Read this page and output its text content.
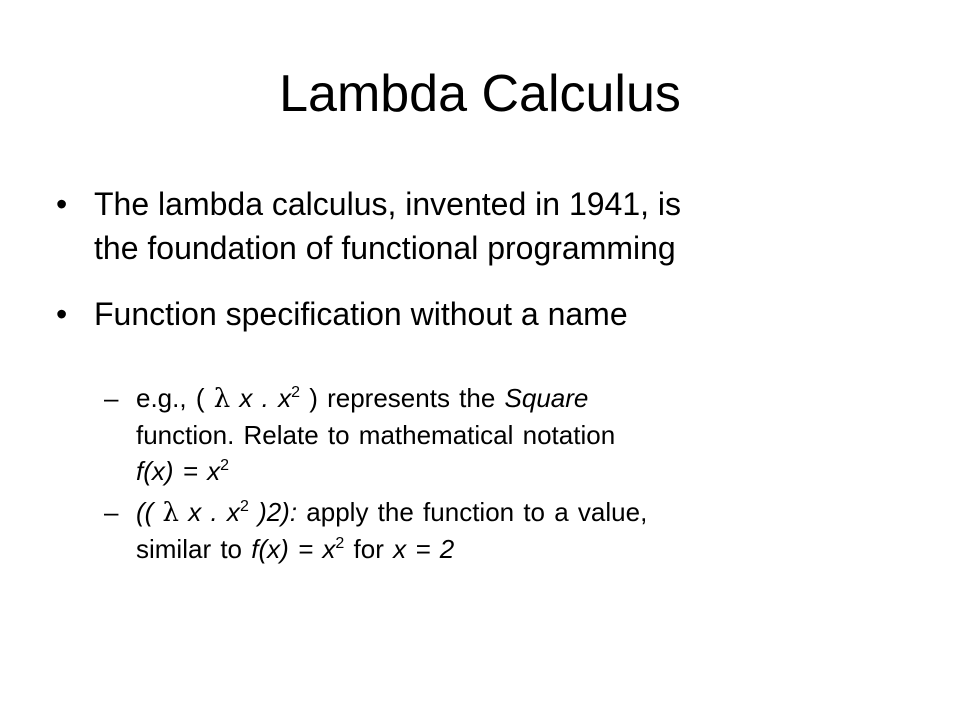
Lambda Calculus
• The lambda calculus, invented in 1941, is
the foundation of functional programming
• Function specification without a name
– e.g., ( λ x . $x^2$ ) represents the Square
function. Relate to mathematical notation
$f(x) = x^2$
– (( λ x . $x^2$ )2): apply the function to a value,
similar to $f(x) = x^2$ for x = 2
